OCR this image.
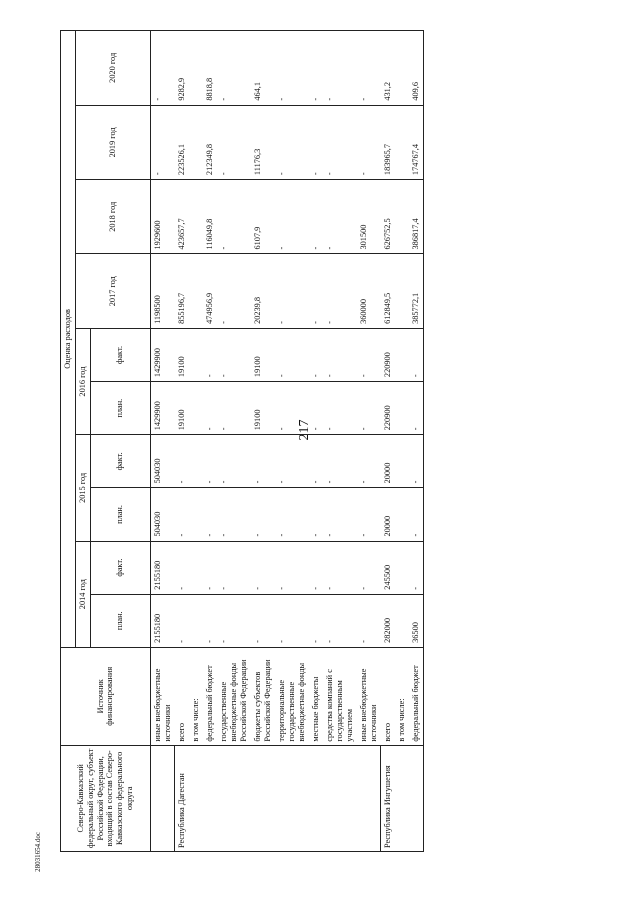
217
Северо-Кавказский федеральный округ, субъект Российской Федерации, входящий в состав Северо-Кавказского федерального округа	Источник финансирования	Оценка расходов									
		2014 год		2015 год		2016 год		2017 год	2018 год	2019 год	2020 год
		план.	факт.	план.	факт.	план.	факт.				

	иные внебюджетные источники	2155180	2155180	504030	504030	1429900	1429900	1198500	1929600	-	-
Республика Дагестан	всего	-	-	-	-	19100	19100	855196,7	423657,7	223526,1	9282,9
	в том числе:										
	федеральный бюджет	-	-	-	-	-	-	474956,9	116049,8	212349,8	8818,8
	государственные внебюджетные фонды Российской Федерации	-	-	-	-	-	-	-	-	-	-
	бюджеты субъектов Российской Федерации	-	-	-	-	19100	19100	20239,8	6107,9	11176,3	464,1
	территориальные государственные внебюджетные фонды	-	-	-	-	-	-	-	-	-	-
	местные бюджеты	-	-	-	-	-	-	-	-	-	-
	средства компаний с государственным участием	-	-	-	-	-	-	-	-	-	-
	иные внебюджетные источники	-	-	-	-	-	-	360000	301500	-	-
Республика Ингушетия	всего	282000	245500	20000	20000	220900	220900	612849,5	626752,5	183965,7	431,2
	в том числе:										
	федеральный бюджет	36500	-	-	-	-	-	385772,1	386817,4	174767,4	409,6
28031654.doc
